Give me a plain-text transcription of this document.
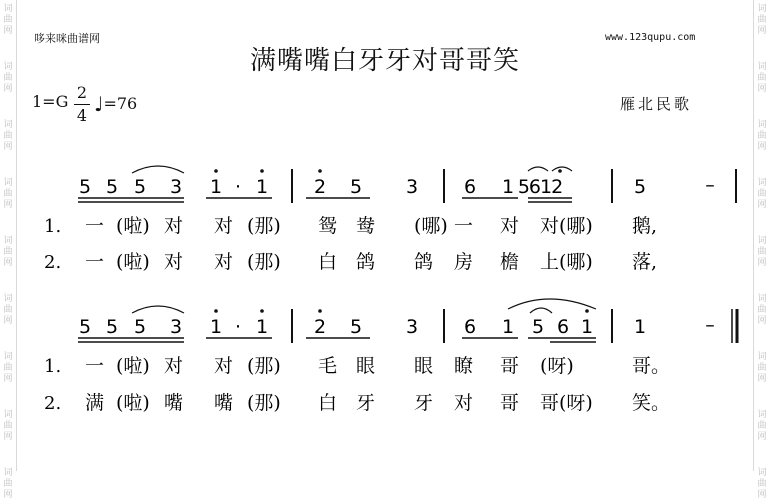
词
曲
网
词
曲
网
词
曲
网
词
曲
网
词
曲
网
词
曲
网
词
曲
网
词
曲
网
词
曲
网
词
曲
网
词
曲
网
词
曲
网
词
曲
网
词
曲
网
词
曲
网
词
曲
网
词
曲
网
词
曲
网
哆来咪曲谱网	www.123qupu.com
满嘴嘴白牙牙对哥哥笑
1=G 2
4 ♩=76	雁北民歌
5 5 5 3 1 · 1 2 5 3 6 1 5612	5	–
1. 一 (啦) 对 对 (那) 鸳 鸯 (哪) 一 对 对(哪) 鹅,
2. 一 (啦) 对 对 (那) 白 鸽 鸽 房 檐 上(哪) 落,
5 5 5 3 1 · 1 2 5 3 6 1 5 6 1 1	–
1. 一 (啦) 对 对 (那) 毛 眼 眼 瞭 哥 (呀)	哥。
2. 满 (啦) 嘴 嘴 (那) 白 牙 牙 对 哥 哥(呀) 笑。
